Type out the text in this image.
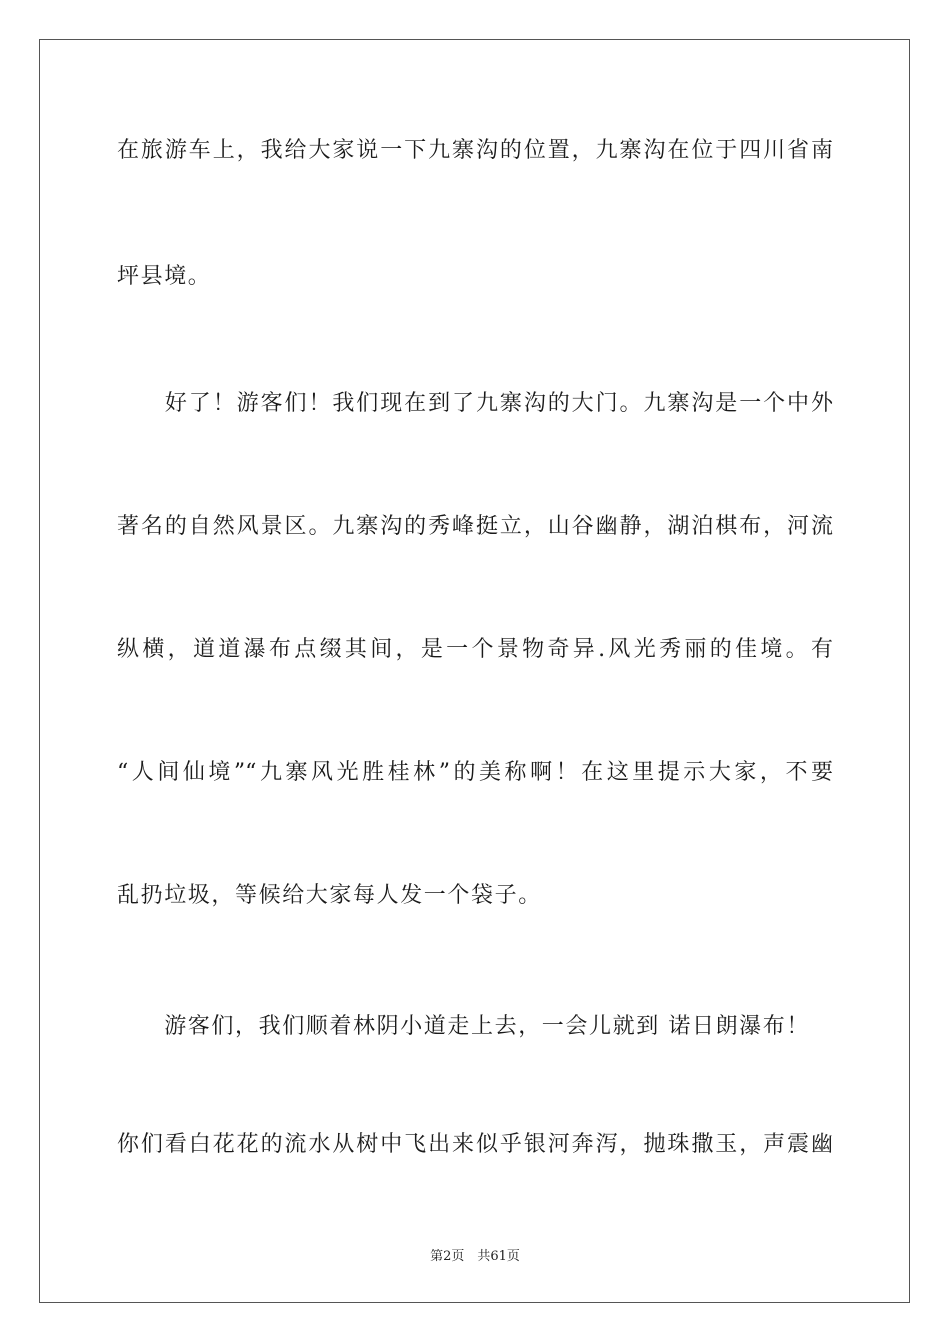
在旅游车上，我给大家说一下九寨沟的位置，九寨沟在位于四川省南
坪县境。
　　好了！游客们！我们现在到了九寨沟的大门。九寨沟是一个中外
著名的自然风景区。九寨沟的秀峰挺立，山谷幽静，湖泊棋布，河流
纵横，道道瀑布点缀其间，是一个景物奇异.风光秀丽的佳境。有
“人间仙境”“九寨风光胜桂林”的美称啊！在这里提示大家，不要
乱扔垃圾，等候给大家每人发一个袋子。
　　游客们，我们顺着林阴小道走上去，一会儿就到 诺日朗瀑布！
你们看白花花的流水从树中飞出来似乎银河奔泻，抛珠撒玉，声震幽
第2页　共61页
